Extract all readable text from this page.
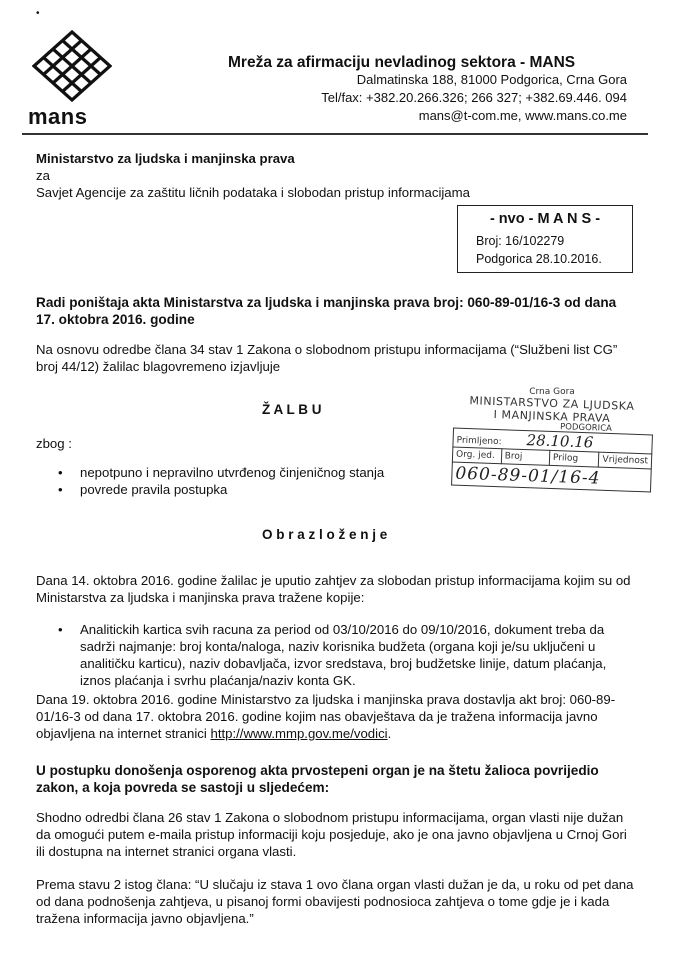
•
mans
Mreža za afirmaciju nevladinog sektora - MANS
Dalmatinska 188, 81000 Podgorica, Crna Gora
Tel/fax: +382.20.266.326; 266 327; +382.69.446. 094
mans@t-com.me, www.mans.co.me
Ministarstvo za ljudska i manjinska prava
za
Savjet Agencije za zaštitu ličnih podataka i slobodan pristup informacijama
- nvo - M A N S -
Broj: 16/102279
Podgorica 28.10.2016.
Radi poništaja akta Ministarstva za ljudska i manjinska prava broj: 060-89-01/16-3 od dana 17. oktobra 2016. godine
Na osnovu odredbe člana 34 stav 1 Zakona o slobodnom pristupu informacijama (“Službeni list CG” broj 44/12) žalilac blagovremeno izjavljuje
Ž A L B U
Crna Gora
MINISTARSTVO ZA LJUDSKA
I MANJINSKA PRAVA
PODGORICA
Primljeno: 28.10.16
Org. jed.	Broj	Prilog	Vrijednost
060-89-01/16-4
zbog :
• nepotpuno i nepravilno utvrđenog činjeničnog stanja
• povrede pravila postupka
O b r a z l o ž e n j e
Dana 14. oktobra 2016. godine žalilac je uputio zahtjev za slobodan pristup informacijama kojim su od Ministarstva za ljudska i manjinska prava tražene kopije:
• Analitickih kartica svih racuna za period od 03/10/2016 do 09/10/2016, dokument treba da sadrži najmanje: broj konta/naloga, naziv korisnika budžeta (organa koji je/su uključeni u analitičku karticu), naziv dobavljača, izvor sredstava, broj budžetske linije, datum plaćanja, iznos plaćanja i svrhu plaćanja/naziv konta GK.
Dana 19. oktobra 2016. godine Ministarstvo za ljudska i manjinska prava dostavlja akt broj: 060-89-01/16-3 od dana 17. oktobra 2016. godine kojim nas obavještava da je tražena informacija javno objavljena na internet stranici http://www.mmp.gov.me/vodici.
U postupku donošenja osporenog akta prvostepeni organ je na štetu žalioca povrijedio zakon, a koja povreda se sastoji u sljedećem:
Shodno odredbi člana 26 stav 1 Zakona o slobodnom pristupu informacijama, organ vlasti nije dužan da omogući putem e-maila pristup informaciji koju posjeduje, ako je ona javno objavljena u Crnoj Gori ili dostupna na internet stranici organa vlasti.
Prema stavu 2 istog člana: “U slučaju iz stava 1 ovo člana organ vlasti dužan je da, u roku od pet dana od dana podnošenja zahtjeva, u pisanoj formi obavijesti podnosioca zahtjeva o tome gdje je i kada tražena informacija javno objavljena.”
